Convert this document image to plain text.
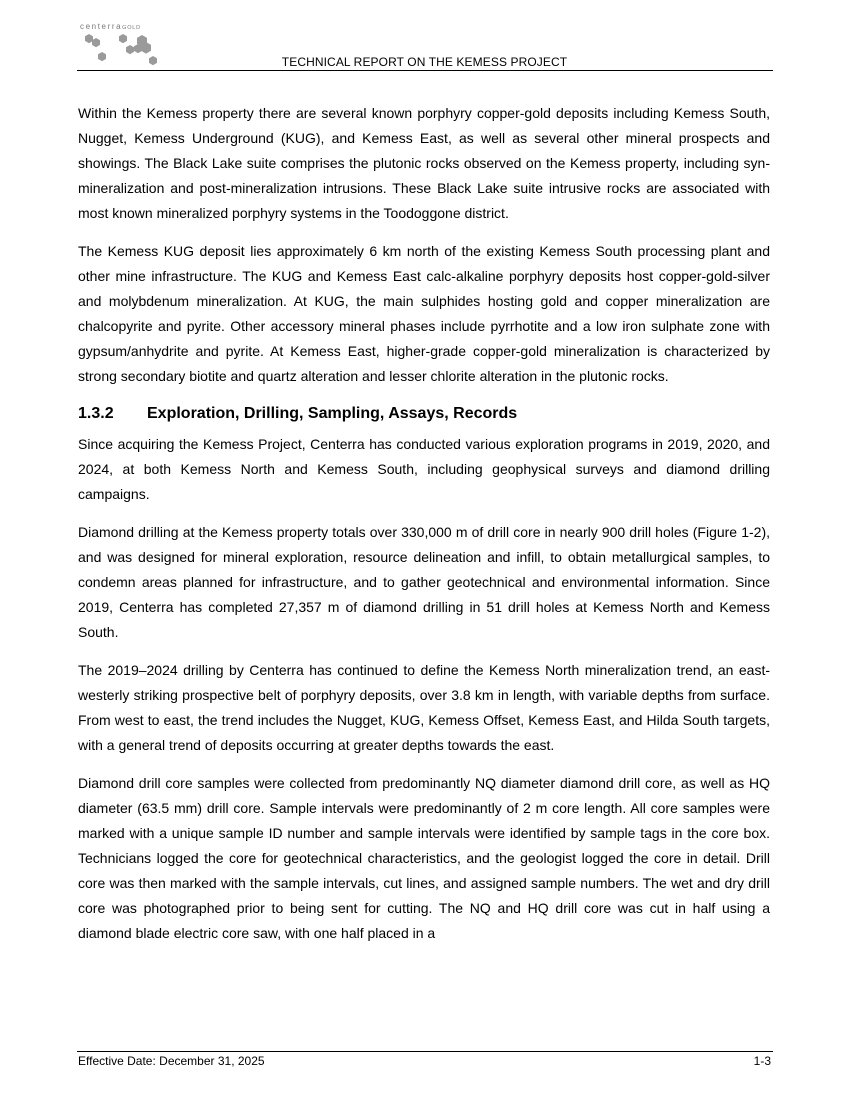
centerraGOLD
TECHNICAL REPORT ON THE KEMESS PROJECT

Within the Kemess property there are several known porphyry copper-gold deposits including Kemess South, Nugget, Kemess Underground (KUG), and Kemess East, as well as several other mineral prospects and showings. The Black Lake suite comprises the plutonic rocks observed on the Kemess property, including syn-mineralization and post-mineralization intrusions. These Black Lake suite intrusive rocks are associated with most known mineralized porphyry systems in the Toodoggone district.

The Kemess KUG deposit lies approximately 6 km north of the existing Kemess South processing plant and other mine infrastructure. The KUG and Kemess East calc-alkaline porphyry deposits host copper-gold-silver and molybdenum mineralization. At KUG, the main sulphides hosting gold and copper mineralization are chalcopyrite and pyrite. Other accessory mineral phases include pyrrhotite and a low iron sulphate zone with gypsum/anhydrite and pyrite. At Kemess East, higher-grade copper-gold mineralization is characterized by strong secondary biotite and quartz alteration and lesser chlorite alteration in the plutonic rocks.

1.3.2	Exploration, Drilling, Sampling, Assays, Records

Since acquiring the Kemess Project, Centerra has conducted various exploration programs in 2019, 2020, and 2024, at both Kemess North and Kemess South, including geophysical surveys and diamond drilling campaigns.

Diamond drilling at the Kemess property totals over 330,000 m of drill core in nearly 900 drill holes (Figure 1-2), and was designed for mineral exploration, resource delineation and infill, to obtain metallurgical samples, to condemn areas planned for infrastructure, and to gather geotechnical and environmental information. Since 2019, Centerra has completed 27,357 m of diamond drilling in 51 drill holes at Kemess North and Kemess South.

The 2019–2024 drilling by Centerra has continued to define the Kemess North mineralization trend, an east-westerly striking prospective belt of porphyry deposits, over 3.8 km in length, with variable depths from surface. From west to east, the trend includes the Nugget, KUG, Kemess Offset, Kemess East, and Hilda South targets, with a general trend of deposits occurring at greater depths towards the east.

Diamond drill core samples were collected from predominantly NQ diameter diamond drill core, as well as HQ diameter (63.5 mm) drill core. Sample intervals were predominantly of 2 m core length. All core samples were marked with a unique sample ID number and sample intervals were identified by sample tags in the core box. Technicians logged the core for geotechnical characteristics, and the geologist logged the core in detail. Drill core was then marked with the sample intervals, cut lines, and assigned sample numbers. The wet and dry drill core was photographed prior to being sent for cutting. The NQ and HQ drill core was cut in half using a diamond blade electric core saw, with one half placed in a

Effective Date: December 31, 2025	1-3
